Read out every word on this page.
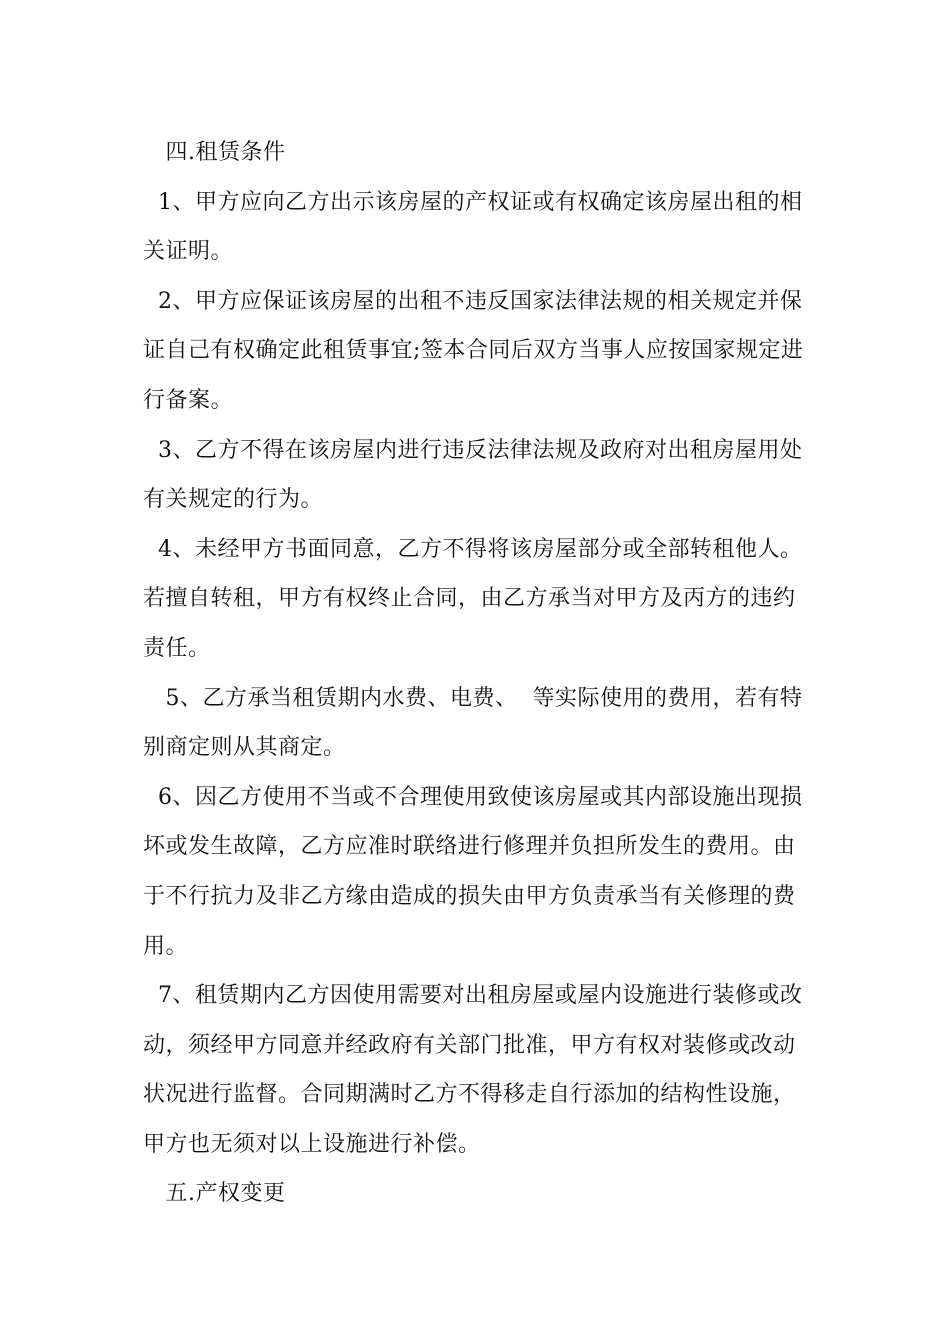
四.租赁条件
1、甲方应向乙方出示该房屋的产权证或有权确定该房屋出租的相
关证明。
2、甲方应保证该房屋的出租不违反国家法律法规的相关规定并保
证自己有权确定此租赁事宜;签本合同后双方当事人应按国家规定进
行备案。
3、乙方不得在该房屋内进行违反法律法规及政府对出租房屋用处
有关规定的行为。
4、未经甲方书面同意，乙方不得将该房屋部分或全部转租他人。
若擅自转租，甲方有权终止合同，由乙方承当对甲方及丙方的违约
责任。
5、乙方承当租赁期内水费、电费、  等实际使用的费用，若有特
别商定则从其商定。
6、因乙方使用不当或不合理使用致使该房屋或其内部设施出现损
坏或发生故障，乙方应准时联络进行修理并负担所发生的费用。由
于不行抗力及非乙方缘由造成的损失由甲方负责承当有关修理的费
用。
7、租赁期内乙方因使用需要对出租房屋或屋内设施进行装修或改
动，须经甲方同意并经政府有关部门批准，甲方有权对装修或改动
状况进行监督。合同期满时乙方不得移走自行添加的结构性设施，
甲方也无须对以上设施进行补偿。
五.产权变更
